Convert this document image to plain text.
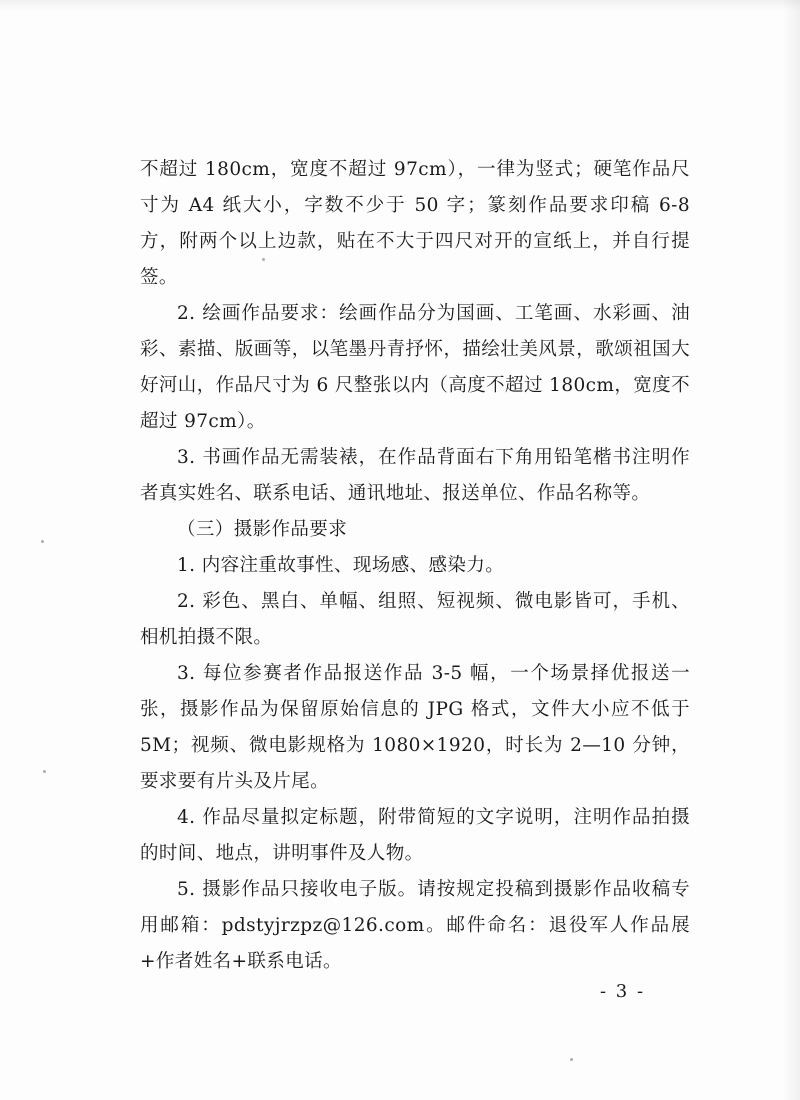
不超过 180cm，宽度不超过 97cm），一律为竖式；硬笔作品尺寸为 A4 纸大小，字数不少于 50 字；篆刻作品要求印稿 6-8 方，附两个以上边款，贴在不大于四尺对开的宣纸上，并自行提签。

2. 绘画作品要求：绘画作品分为国画、工笔画、水彩画、油彩、素描、版画等，以笔墨丹青抒怀，描绘壮美风景，歌颂祖国大好河山，作品尺寸为 6 尺整张以内（高度不超过 180cm，宽度不超过 97cm）。

3. 书画作品无需装裱，在作品背面右下角用铅笔楷书注明作者真实姓名、联系电话、通讯地址、报送单位、作品名称等。

（三）摄影作品要求

1. 内容注重故事性、现场感、感染力。

2. 彩色、黑白、单幅、组照、短视频、微电影皆可，手机、相机拍摄不限。

3. 每位参赛者作品报送作品 3-5 幅，一个场景择优报送一张，摄影作品为保留原始信息的 JPG 格式，文件大小应不低于 5M；视频、微电影规格为 1080×1920，时长为 2—10 分钟，要求要有片头及片尾。

4. 作品尽量拟定标题，附带简短的文字说明，注明作品拍摄的时间、地点，讲明事件及人物。

5. 摄影作品只接收电子版。请按规定投稿到摄影作品收稿专用邮箱：pdstyjrzpz@126.com。邮件命名：退役军人作品展+作者姓名+联系电话。

- 3 -
